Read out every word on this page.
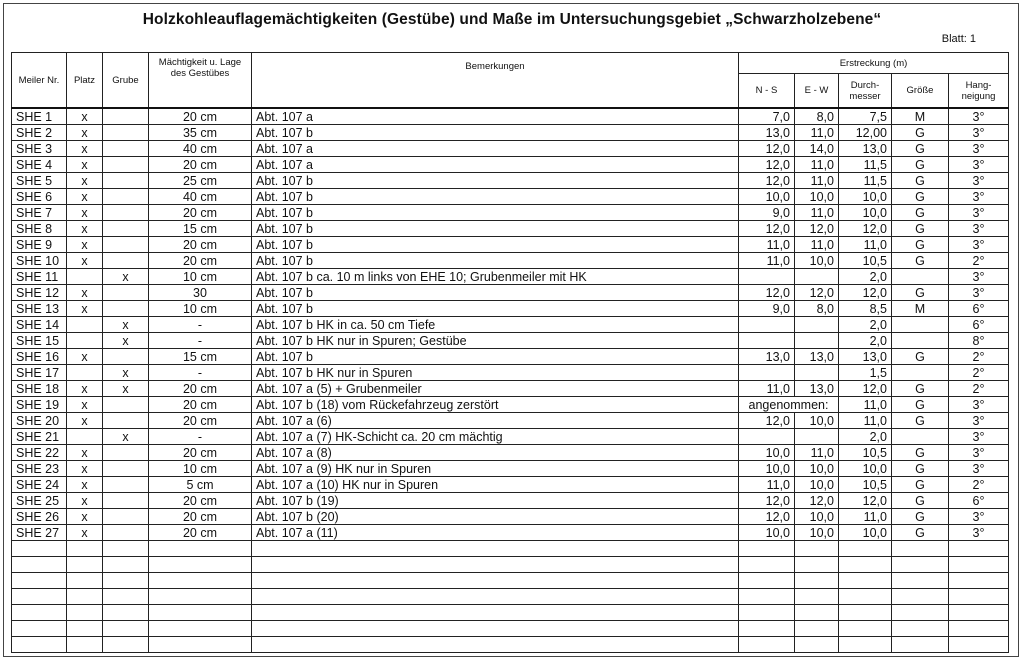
Holzkohleauflagemächtigkeiten (Gestübe) und Maße im Untersuchungsgebiet „Schwarzholzebene“
Blatt: 1
Meiler Nr.	Platz	Grube	Mächtigkeit u. Lage des Gestübes	Bemerkungen	Erstreckung (m)				
					N - S	E - W	Durch-messer	Größe	Hang-neigung
SHE 1	x		20 cm	Abt. 107 a	7,0	8,0	7,5	M	3°
SHE 2	x		35 cm	Abt. 107 b	13,0	11,0	12,00	G	3°
SHE 3	x		40 cm	Abt. 107 a	12,0	14,0	13,0	G	3°
SHE 4	x		20 cm	Abt. 107 a	12,0	11,0	11,5	G	3°
SHE 5	x		25 cm	Abt. 107 b	12,0	11,0	11,5	G	3°
SHE 6	x		40 cm	Abt. 107 b	10,0	10,0	10,0	G	3°
SHE 7	x		20 cm	Abt. 107 b	9,0	11,0	10,0	G	3°
SHE 8	x		15 cm	Abt. 107 b	12,0	12,0	12,0	G	3°
SHE 9	x		20 cm	Abt. 107 b	11,0	11,0	11,0	G	3°
SHE 10	x		20 cm	Abt. 107 b	11,0	10,0	10,5	G	2°
SHE 11		x	10 cm	Abt. 107 b ca. 10 m links von EHE 10; Grubenmeiler mit HK			2,0		3°
SHE 12	x		30	Abt. 107 b	12,0	12,0	12,0	G	3°
SHE 13	x		10 cm	Abt. 107 b	9,0	8,0	8,5	M	6°
SHE 14		x	-	Abt. 107 b HK in ca. 50 cm Tiefe			2,0		6°
SHE 15		x	-	Abt. 107 b HK nur in Spuren; Gestübe			2,0		8°
SHE 16	x		15 cm	Abt. 107 b	13,0	13,0	13,0	G	2°
SHE 17		x	-	Abt. 107 b HK nur in Spuren			1,5		2°
SHE 18	x	x	20 cm	Abt. 107 a (5) + Grubenmeiler	11,0	13,0	12,0	G	2°
SHE 19	x		20 cm	Abt. 107 b (18) vom Rückefahrzeug zerstört	angenommen:		11,0	G	3°
SHE 20	x		20 cm	Abt. 107 a (6)	12,0	10,0	11,0	G	3°
SHE 21		x	-	Abt. 107 a (7) HK-Schicht ca. 20 cm mächtig			2,0		3°
SHE 22	x		20 cm	Abt. 107 a (8)	10,0	11,0	10,5	G	3°
SHE 23	x		10 cm	Abt. 107 a (9) HK nur in Spuren	10,0	10,0	10,0	G	3°
SHE 24	x		5 cm	Abt. 107 a (10) HK nur in Spuren	11,0	10,0	10,5	G	2°
SHE 25	x		20 cm	Abt. 107 b (19)	12,0	12,0	12,0	G	6°
SHE 26	x		20 cm	Abt. 107 b (20)	12,0	10,0	11,0	G	3°
SHE 27	x		20 cm	Abt. 107 a (11)	10,0	10,0	10,0	G	3°
